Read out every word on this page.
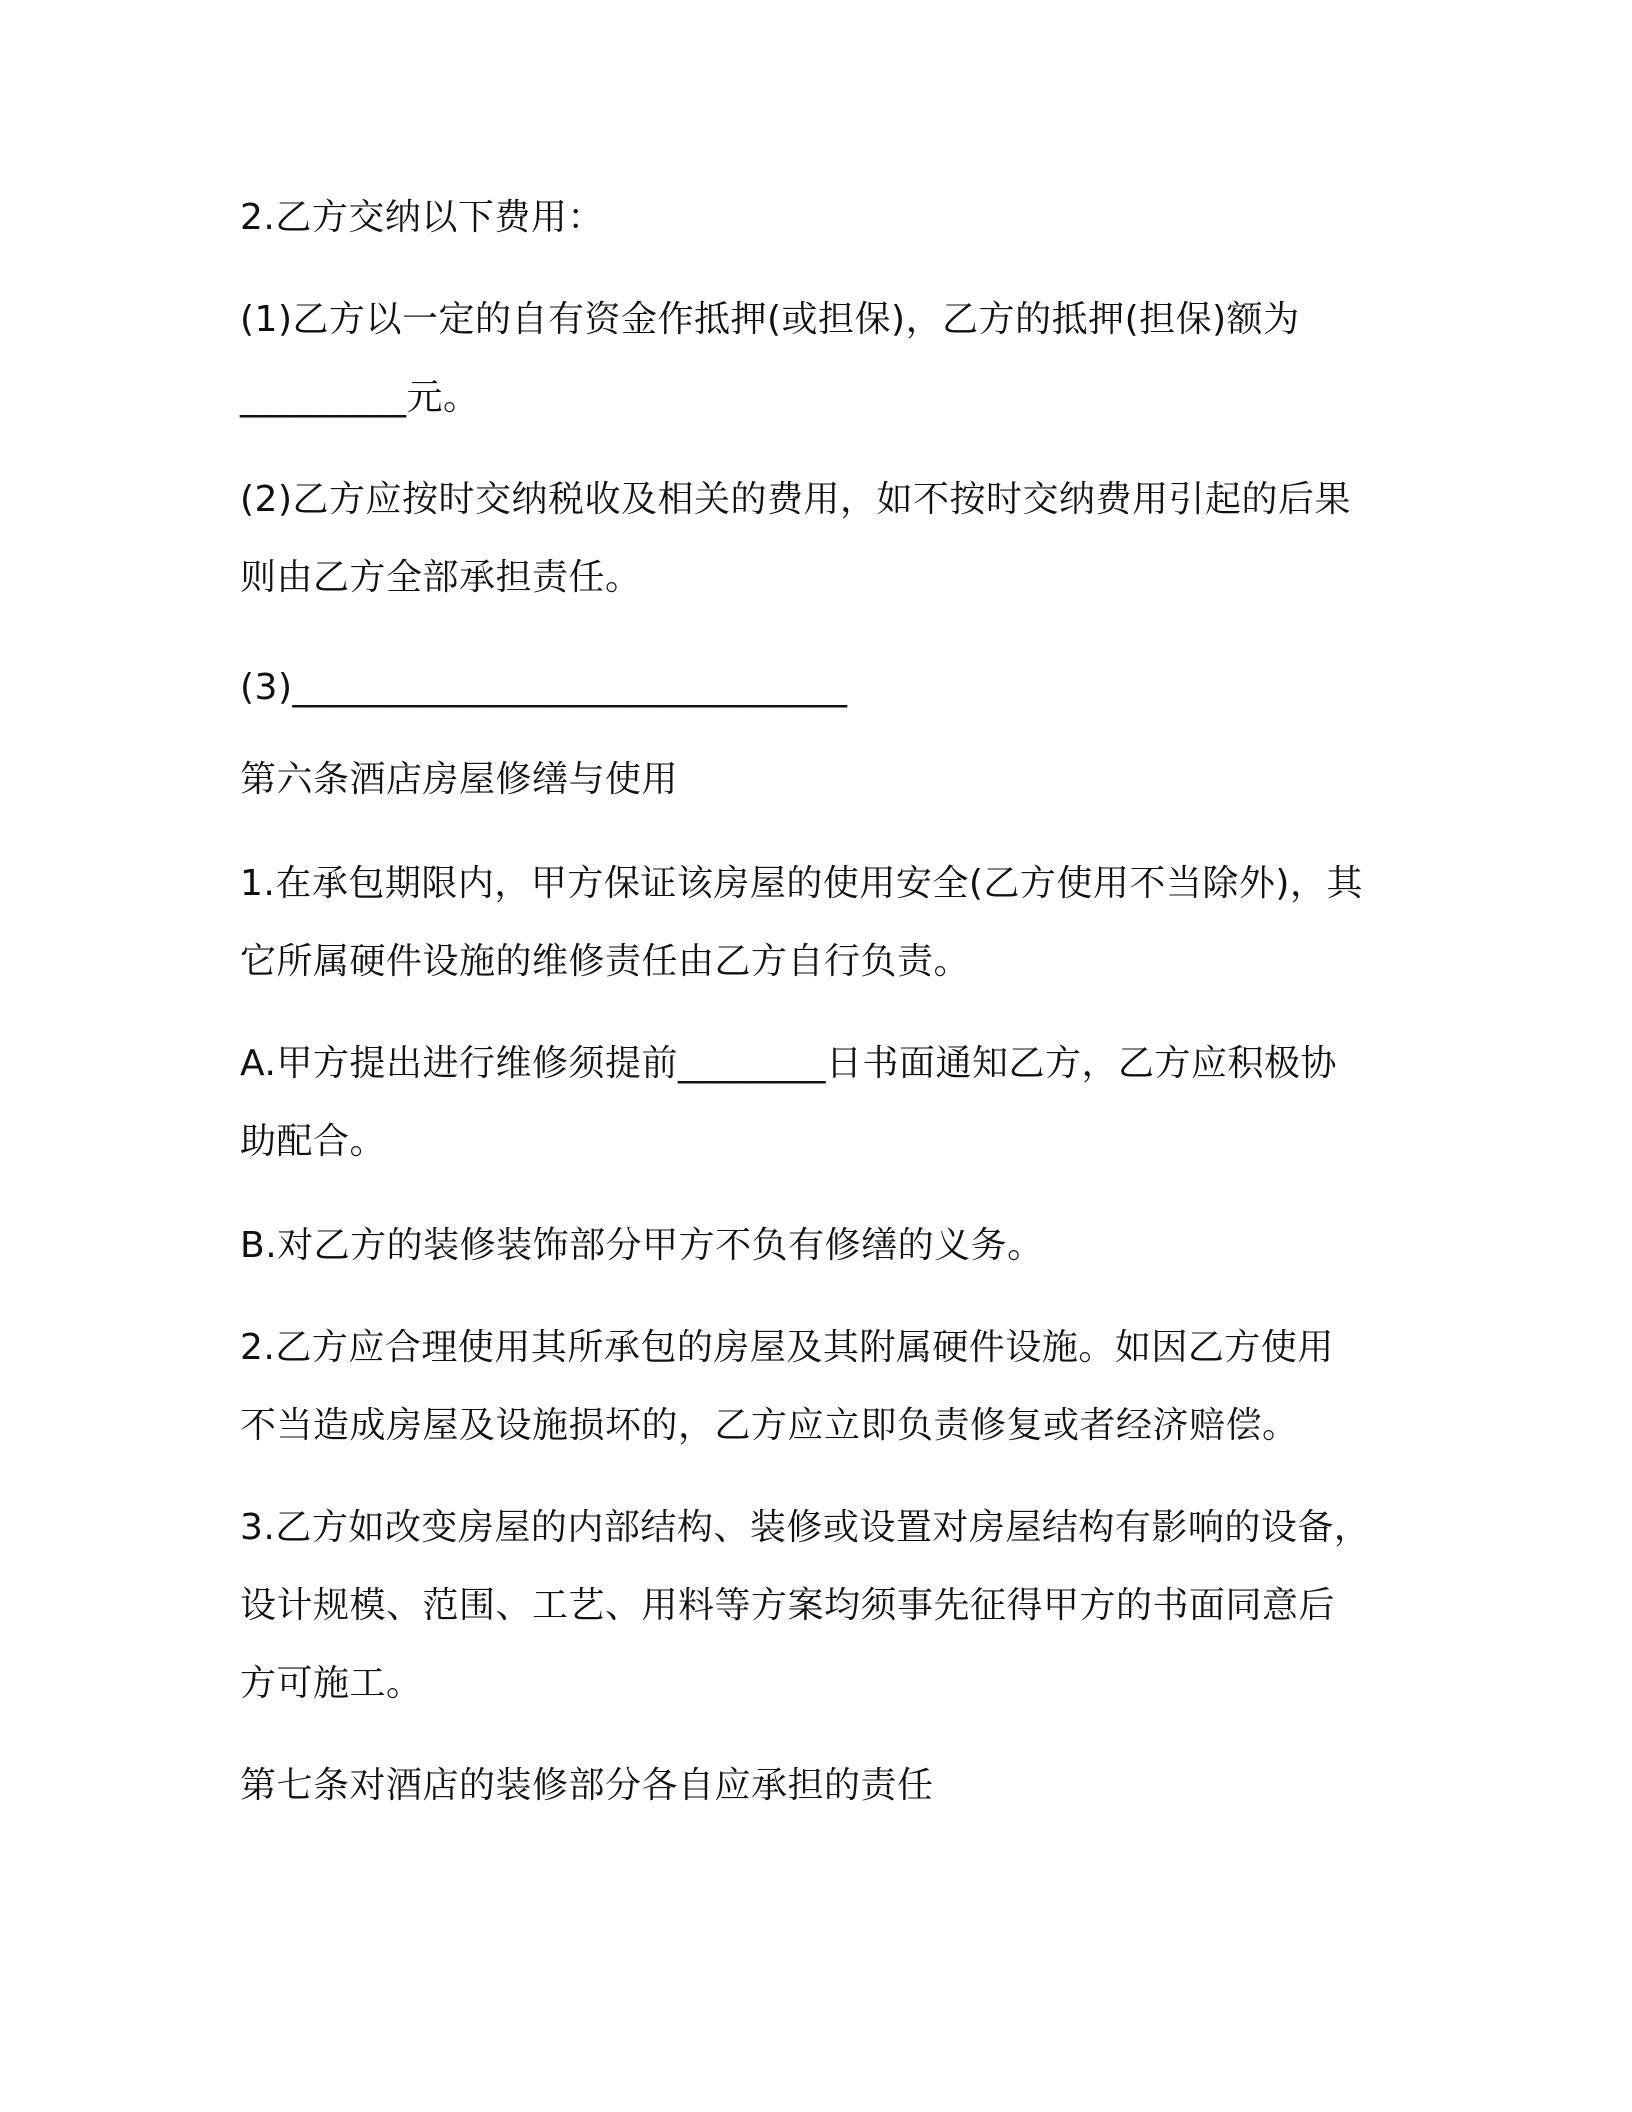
2.乙方交纳以下费用：
(1)乙方以一定的自有资金作抵押(或担保)，乙方的抵押(担保)额为
_________元。
(2)乙方应按时交纳税收及相关的费用，如不按时交纳费用引起的后果
则由乙方全部承担责任。
(3)______________________________
第六条酒店房屋修缮与使用
1.在承包期限内，甲方保证该房屋的使用安全(乙方使用不当除外)，其
它所属硬件设施的维修责任由乙方自行负责。
A.甲方提出进行维修须提前________日书面通知乙方，乙方应积极协
助配合。
B.对乙方的装修装饰部分甲方不负有修缮的义务。
2.乙方应合理使用其所承包的房屋及其附属硬件设施。如因乙方使用
不当造成房屋及设施损坏的，乙方应立即负责修复或者经济赔偿。
3.乙方如改变房屋的内部结构、装修或设置对房屋结构有影响的设备，
设计规模、范围、工艺、用料等方案均须事先征得甲方的书面同意后
方可施工。
第七条对酒店的装修部分各自应承担的责任
